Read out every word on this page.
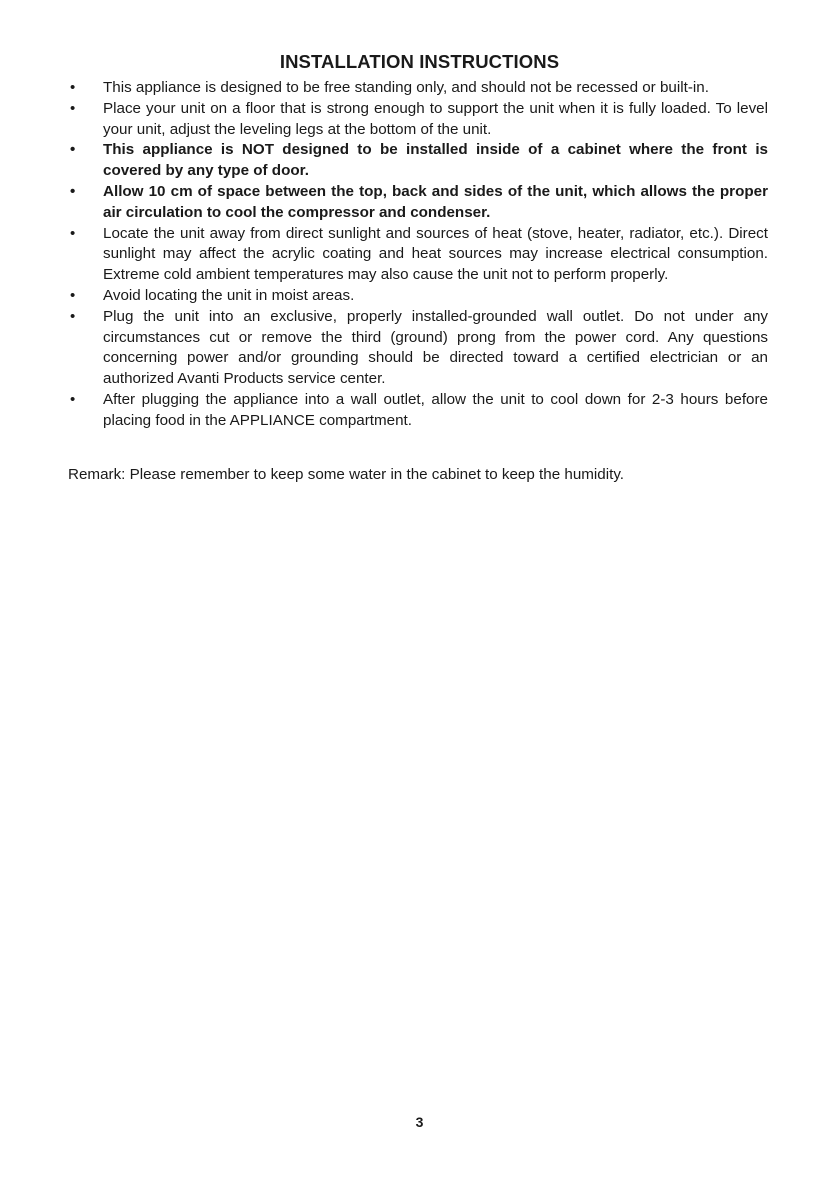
INSTALLATION INSTRUCTIONS
•	This appliance is designed to be free standing only, and should not be recessed or built-in.
•	Place your unit on a floor that is strong enough to support the unit when it is fully loaded. To level your unit, adjust the leveling legs at the bottom of the unit.
•	This appliance is NOT designed to be installed inside of a cabinet where the front is covered by any type of door.
•	Allow 10 cm of space between the top, back and sides of the unit, which allows the proper air circulation to cool the compressor and condenser.
•	Locate the unit away from direct sunlight and sources of heat (stove, heater, radiator, etc.). Direct sunlight may affect the acrylic coating and heat sources may increase electrical consumption. Extreme cold ambient temperatures may also cause the unit not to perform properly.
•	Avoid locating the unit in moist areas.
•	Plug the unit into an exclusive, properly installed-grounded wall outlet. Do not under any circumstances cut or remove the third (ground) prong from the power cord. Any questions concerning power and/or grounding should be directed toward a certified electrician or an authorized Avanti Products service center.
•	After plugging the appliance into a wall outlet, allow the unit to cool down for 2-3 hours before placing food in the APPLIANCE compartment.
Remark: Please remember to keep some water in the cabinet to keep the humidity.
3
